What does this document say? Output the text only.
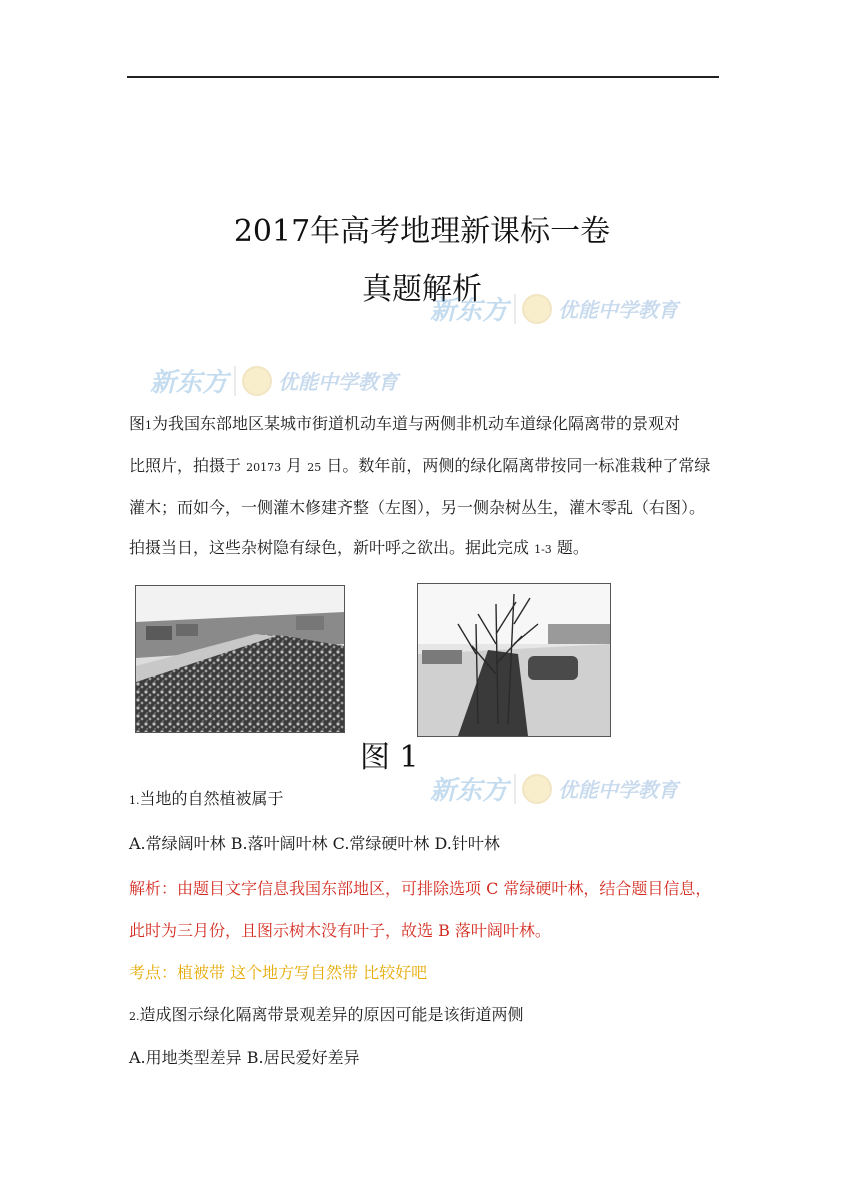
2017年高考地理新课标一卷
真题解析
新东方	优能中学教育
新东方	优能中学教育
新东方	优能中学教育

图1为我国东部地区某城市街道机动车道与两侧非机动车道绿化隔离带的景观对

比照片，拍摄于 20173 月 25 日。数年前，两侧的绿化隔离带按同一标准栽种了常绿

灌木；而如今，一侧灌木修建齐整（左图），另一侧杂树丛生，灌木零乱（右图）。

拍摄当日，这些杂树隐有绿色，新叶呼之欲出。据此完成 1-3 题。

图 1
1.当地的自然植被属于
A.常绿阔叶林 B.落叶阔叶林 C.常绿硬叶林 D.针叶林
解析：由题目文字信息我国东部地区，可排除选项 C 常绿硬叶林，结合题目信息，
此时为三月份，且图示树木没有叶子，故选 B 落叶阔叶林。
考点：植被带 这个地方写自然带 比较好吧
2.造成图示绿化隔离带景观差异的原因可能是该街道两侧
A.用地类型差异 B.居民爱好差异
